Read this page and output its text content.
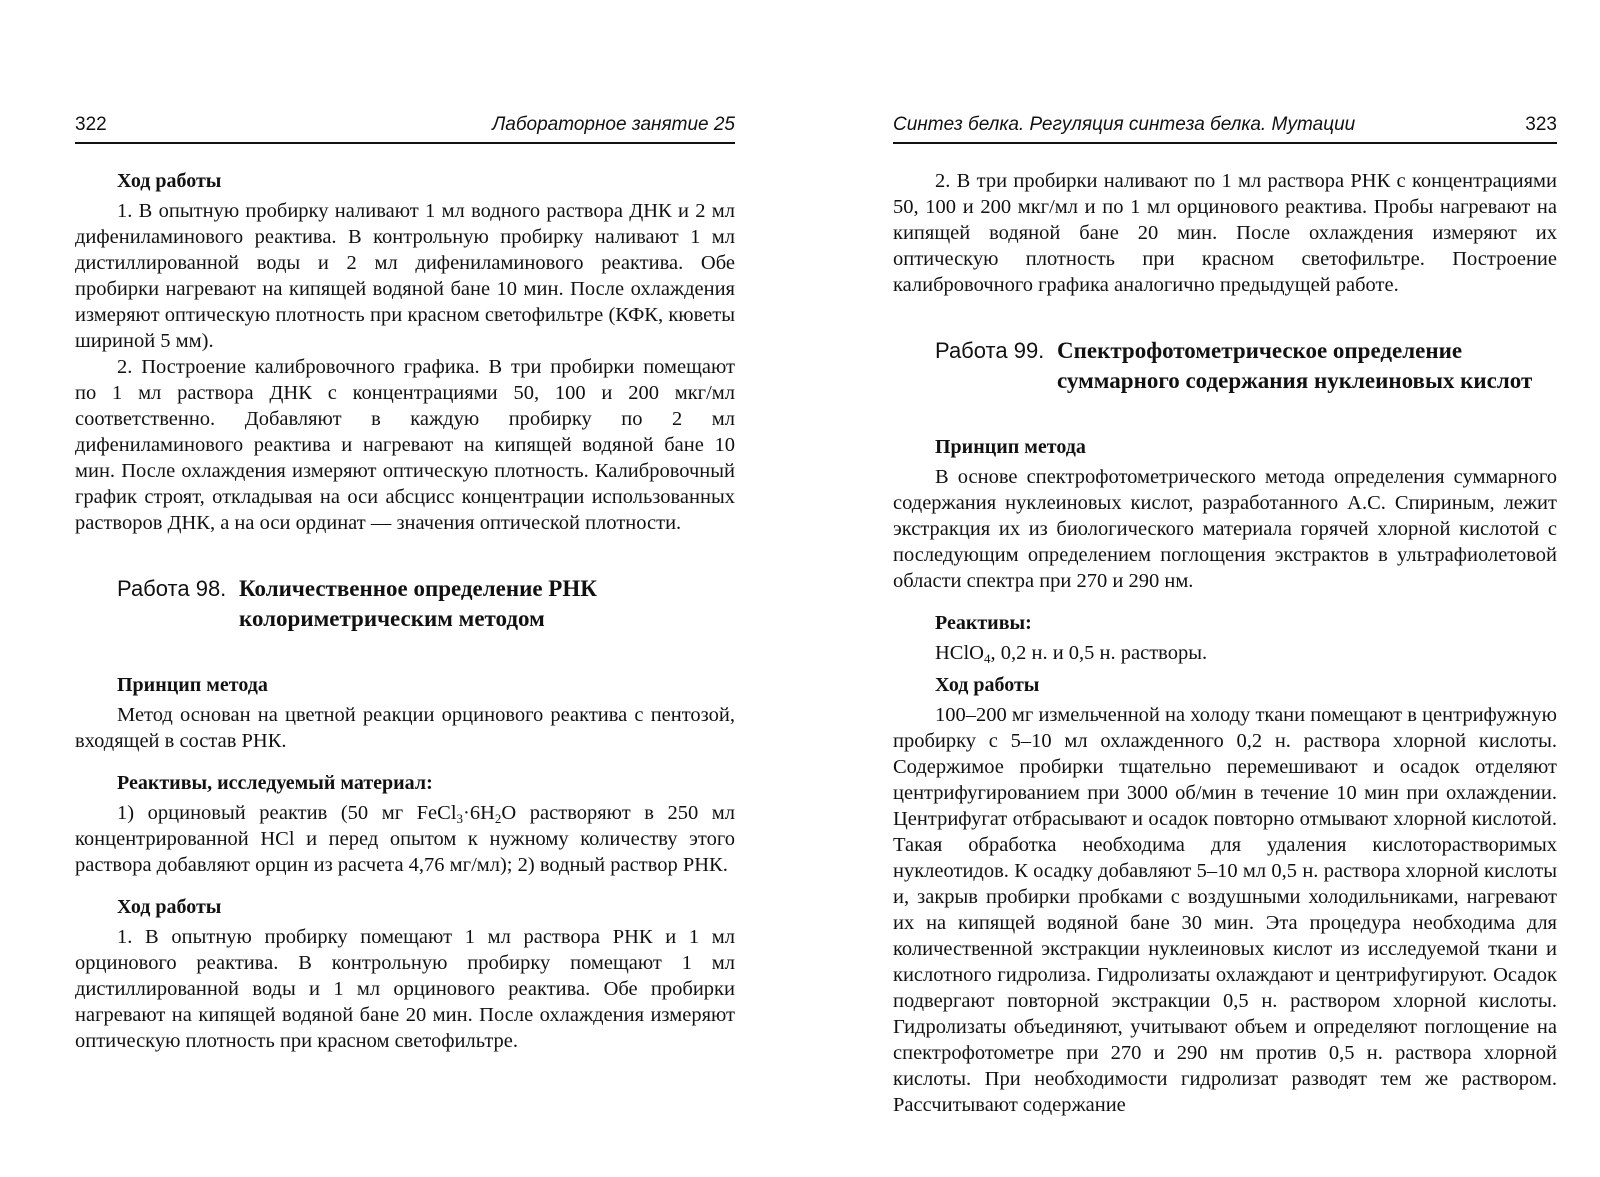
322	Лабораторное занятие 25
Ход работы

1. В опытную пробирку наливают 1 мл водного раствора ДНК и 2 мл дифениламинового реактива. В контрольную пробирку наливают 1 мл дистиллированной воды и 2 мл дифениламинового реактива. Обе пробирки нагревают на кипящей водяной бане 10 мин. После охлаждения измеряют оптическую плотность при красном светофильтре (КФК, кюветы шириной 5 мм).

2. Построение калибровочного графика. В три пробирки помещают по 1 мл раствора ДНК с концентрациями 50, 100 и 200 мкг/мл соответственно. Добавляют в каждую пробирку по 2 мл дифениламинового реактива и нагревают на кипящей водяной бане 10 мин. После охлаждения измеряют оптическую плотность. Калибровочный график строят, откладывая на оси абсцисс концентрации использованных растворов ДНК, а на оси ординат — значения оптической плотности.

Работа 98. Количественное определение РНК
колориметрическим методом
Принцип метода

Метод основан на цветной реакции орцинового реактива с пентозой, входящей в состав РНК.

Реактивы, исследуемый материал:

1) орциновый реактив (50 мг $FeCl_3\cdot 6H_2O$ растворяют в 250 мл концентрированной HCl и перед опытом к нужному количеству этого раствора добавляют орцин из расчета 4,76 мг/мл); 2) водный раствор РНК.

Ход работы

1. В опытную пробирку помещают 1 мл раствора РНК и 1 мл орцинового реактива. В контрольную пробирку помещают 1 мл дистиллированной воды и 1 мл орцинового реактива. Обе пробирки нагревают на кипящей водяной бане 20 мин. После охлаждения измеряют оптическую плотность при красном светофильтре.

Синтез белка. Регуляция синтеза белка. Мутации	323

2. В три пробирки наливают по 1 мл раствора РНК с концентрациями 50, 100 и 200 мкг/мл и по 1 мл орцинового реактива. Пробы нагревают на кипящей водяной бане 20 мин. После охлаждения измеряют их оптическую плотность при красном светофильтре. Построение калибровочного графика аналогично предыдущей работе.

Работа 99. Спектрофотометрическое определение
суммарного содержания нуклеиновых кислот
Принцип метода

В основе спектрофотометрического метода определения суммарного содержания нуклеиновых кислот, разработанного А.С. Спириным, лежит экстракция их из биологического материала горячей хлорной кислотой с последующим определением поглощения экстрактов в ультрафиолетовой области спектра при 270 и 290 нм.

Реактивы:

HClO$_4$, 0,2 н. и 0,5 н. растворы.

Ход работы

100–200 мг измельченной на холоду ткани помещают в центрифужную пробирку с 5–10 мл охлажденного 0,2 н. раствора хлорной кислоты. Содержимое пробирки тщательно перемешивают и осадок отделяют центрифугированием при 3000 об/мин в течение 10 мин при охлаждении. Центрифугат отбрасывают и осадок повторно отмывают хлорной кислотой. Такая обработка необходима для удаления кислоторастворимых нуклеотидов. К осадку добавляют 5–10 мл 0,5 н. раствора хлорной кислоты и, закрыв пробирки пробками с воздушными холодильниками, нагревают их на кипящей водяной бане 30 мин. Эта процедура необходима для количественной экстракции нуклеиновых кислот из исследуемой ткани и кислотного гидролиза. Гидролизаты охлаждают и центрифугируют. Осадок подвергают повторной экстракции 0,5 н. раствором хлорной кислоты. Гидролизаты объединяют, учитывают объем и определяют поглощение на спектрофотометре при 270 и 290 нм против 0,5 н. раствора хлорной кислоты. При необходимости гидролизат разводят тем же раствором. Рассчитывают содержание
